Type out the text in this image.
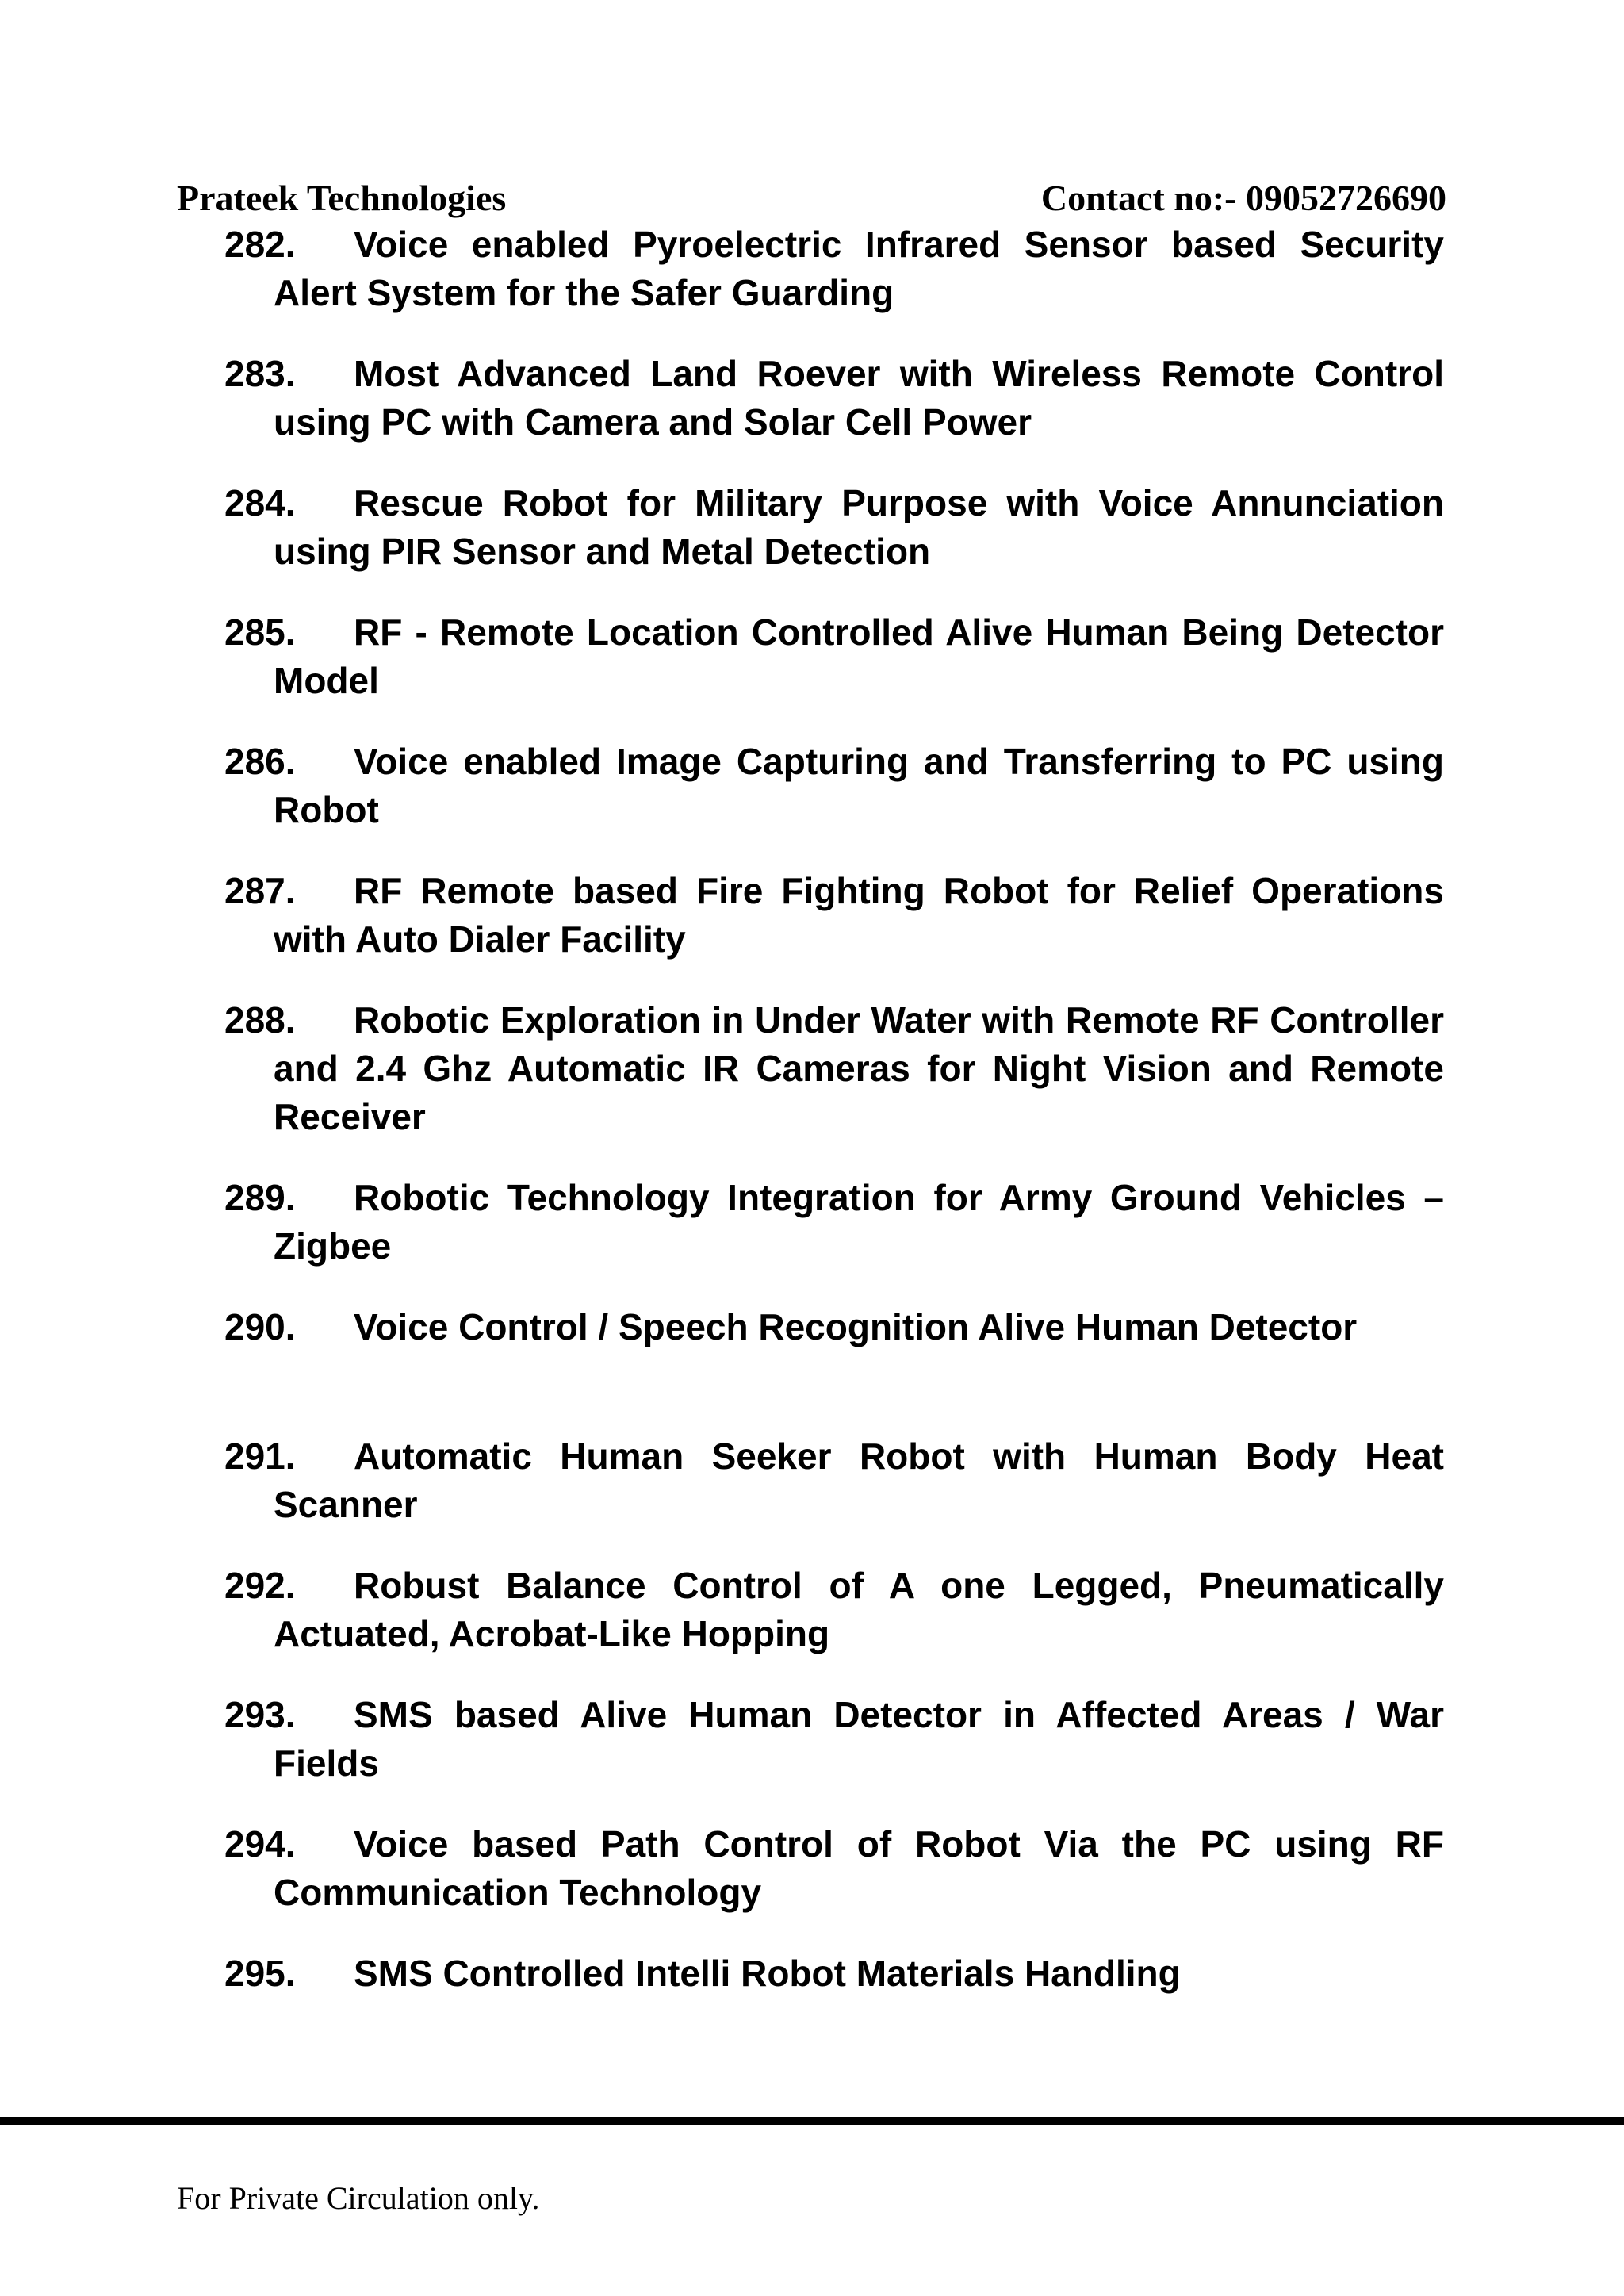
Prateek Technologies	Contact no:- 09052726690
282. Voice enabled Pyroelectric Infrared Sensor based Security Alert System for the Safer Guarding
283. Most Advanced Land Roever with Wireless Remote Control using PC with Camera and Solar Cell Power
284. Rescue Robot for Military Purpose with Voice Annunciation using PIR Sensor and Metal Detection
285. RF - Remote Location Controlled Alive Human Being Detector Model
286. Voice enabled Image Capturing and Transferring to PC using Robot
287. RF Remote based Fire Fighting Robot for Relief Operations with Auto Dialer Facility
288. Robotic Exploration in Under Water with Remote RF Controller and 2.4 Ghz Automatic IR Cameras for Night Vision and Remote Receiver
289. Robotic Technology Integration for Army Ground Vehicles – Zigbee
290. Voice Control / Speech Recognition Alive Human Detector
291. Automatic Human Seeker Robot with Human Body Heat Scanner
292. Robust Balance Control of A one Legged, Pneumatically Actuated, Acrobat-Like Hopping
293. SMS based Alive Human Detector in Affected Areas / War Fields
294. Voice based Path Control of Robot Via the PC using RF Communication Technology
295. SMS Controlled Intelli Robot Materials Handling
For Private Circulation only.
